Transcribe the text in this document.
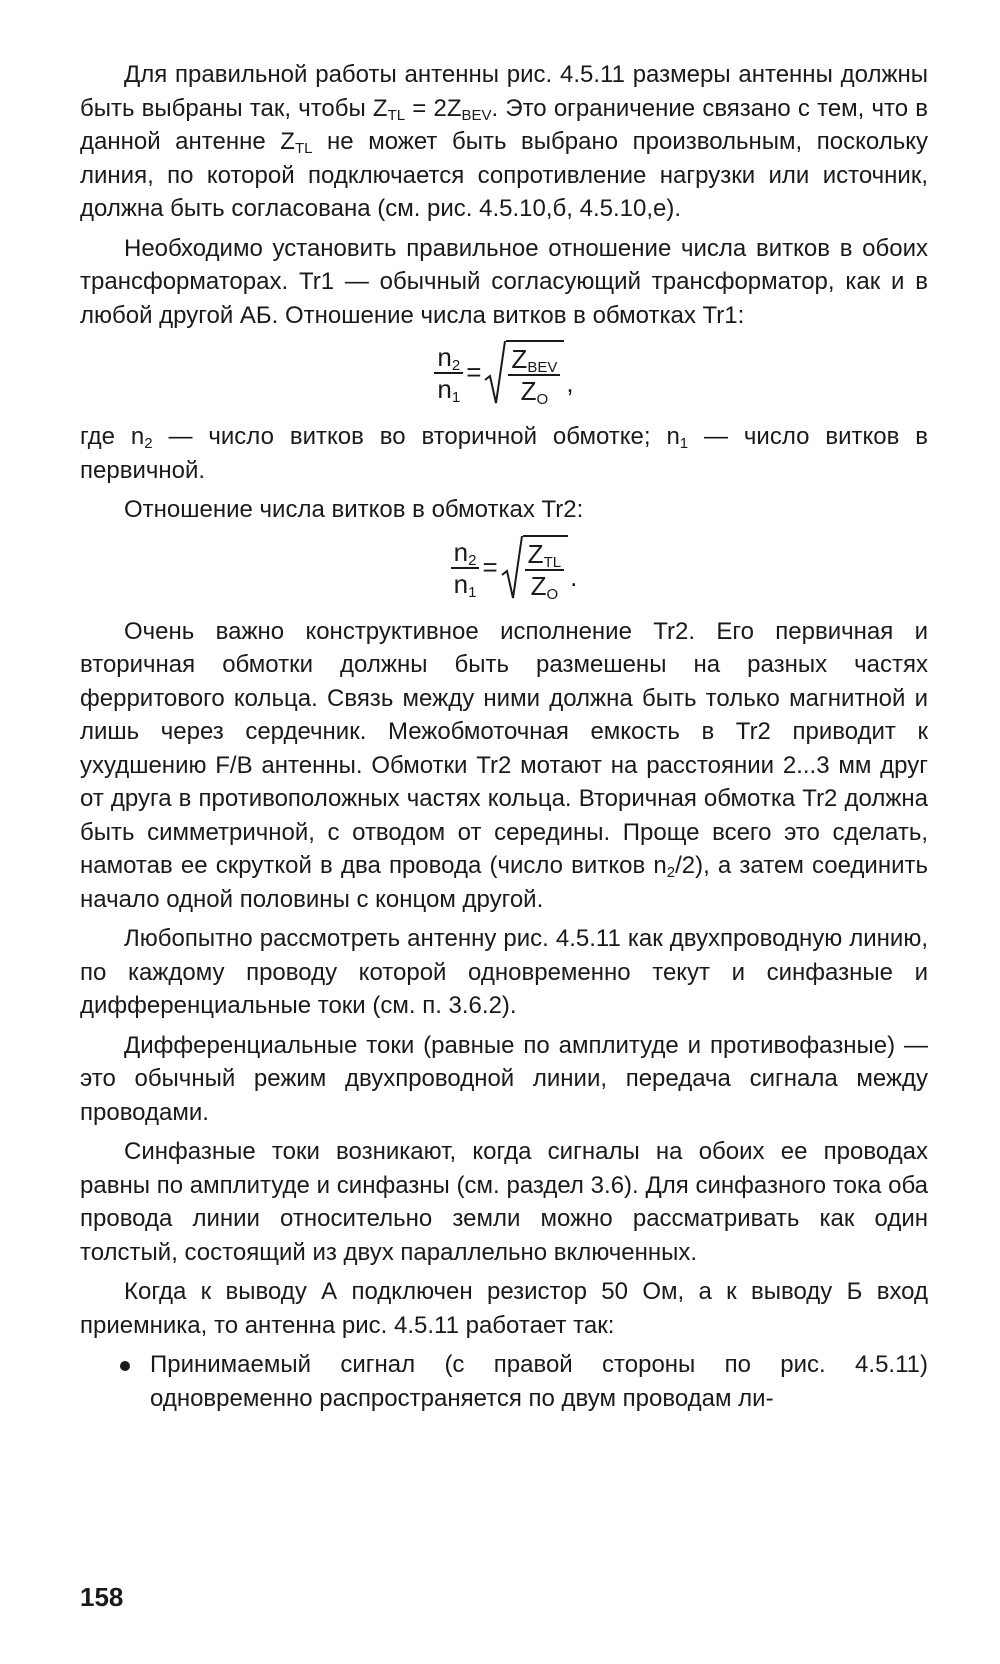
Для правильной работы антенны рис. 4.5.11 размеры антенны должны быть выбраны так, чтобы $Z_{TL} = 2Z_{BEV}$. Это ограничение связано с тем, что в данной антенне $Z_{TL}$ не может быть выбрано произвольным, поскольку линия, по которой подключается сопротивление нагрузки или источник, должна быть согласована (см. рис. 4.5.10,б, 4.5.10,е).

Необходимо установить правильное отношение числа витков в обоих трансформаторах. Tr1 — обычный согласующий трансформатор, как и в любой другой АБ. Отношение числа витков в обмотках Tr1:

$\frac{n_2}{n_1} = \frac{Z_{BEV}}{Z_O}$ ,

где $n_2$ — число витков во вторичной обмотке; $n_1$ — число витков в первичной.

Отношение числа витков в обмотках Tr2:

$\frac{n_2}{n_1} = \frac{Z_{TL}}{Z_O}$ .

Очень важно конструктивное исполнение Tr2. Его первичная и вторичная обмотки должны быть размешены на разных частях ферритового кольца. Связь между ними должна быть только магнитной и лишь через сердечник. Межобмоточная емкость в Tr2 приводит к ухудшению F/B антенны. Обмотки Tr2 мотают на расстоянии 2...3 мм друг от друга в противоположных частях кольца. Вторичная обмотка Tr2 должна быть симметричной, с отводом от середины. Проще всего это сделать, намотав ее скруткой в два провода (число витков $n_2/2$), а затем соединить начало одной половины с концом другой.

Любопытно рассмотреть антенну рис. 4.5.11 как двухпроводную линию, по каждому проводу которой одновременно текут и синфазные и дифференциальные токи (см. п. 3.6.2).

Дифференциальные токи (равные по амплитуде и противофазные) — это обычный режим двухпроводной линии, передача сигнала между проводами.

Синфазные токи возникают, когда сигналы на обоих ее проводах равны по амплитуде и синфазны (см. раздел 3.6). Для синфазного тока оба провода линии относительно земли можно рассматривать как один толстый, состоящий из двух параллельно включенных.

Когда к выводу А подключен резистор 50 Ом, а к выводу Б вход приемника, то антенна рис. 4.5.11 работает так:

Принимаемый сигнал (с правой стороны по рис. 4.5.11) одновременно распространяется по двум проводам ли-
158
